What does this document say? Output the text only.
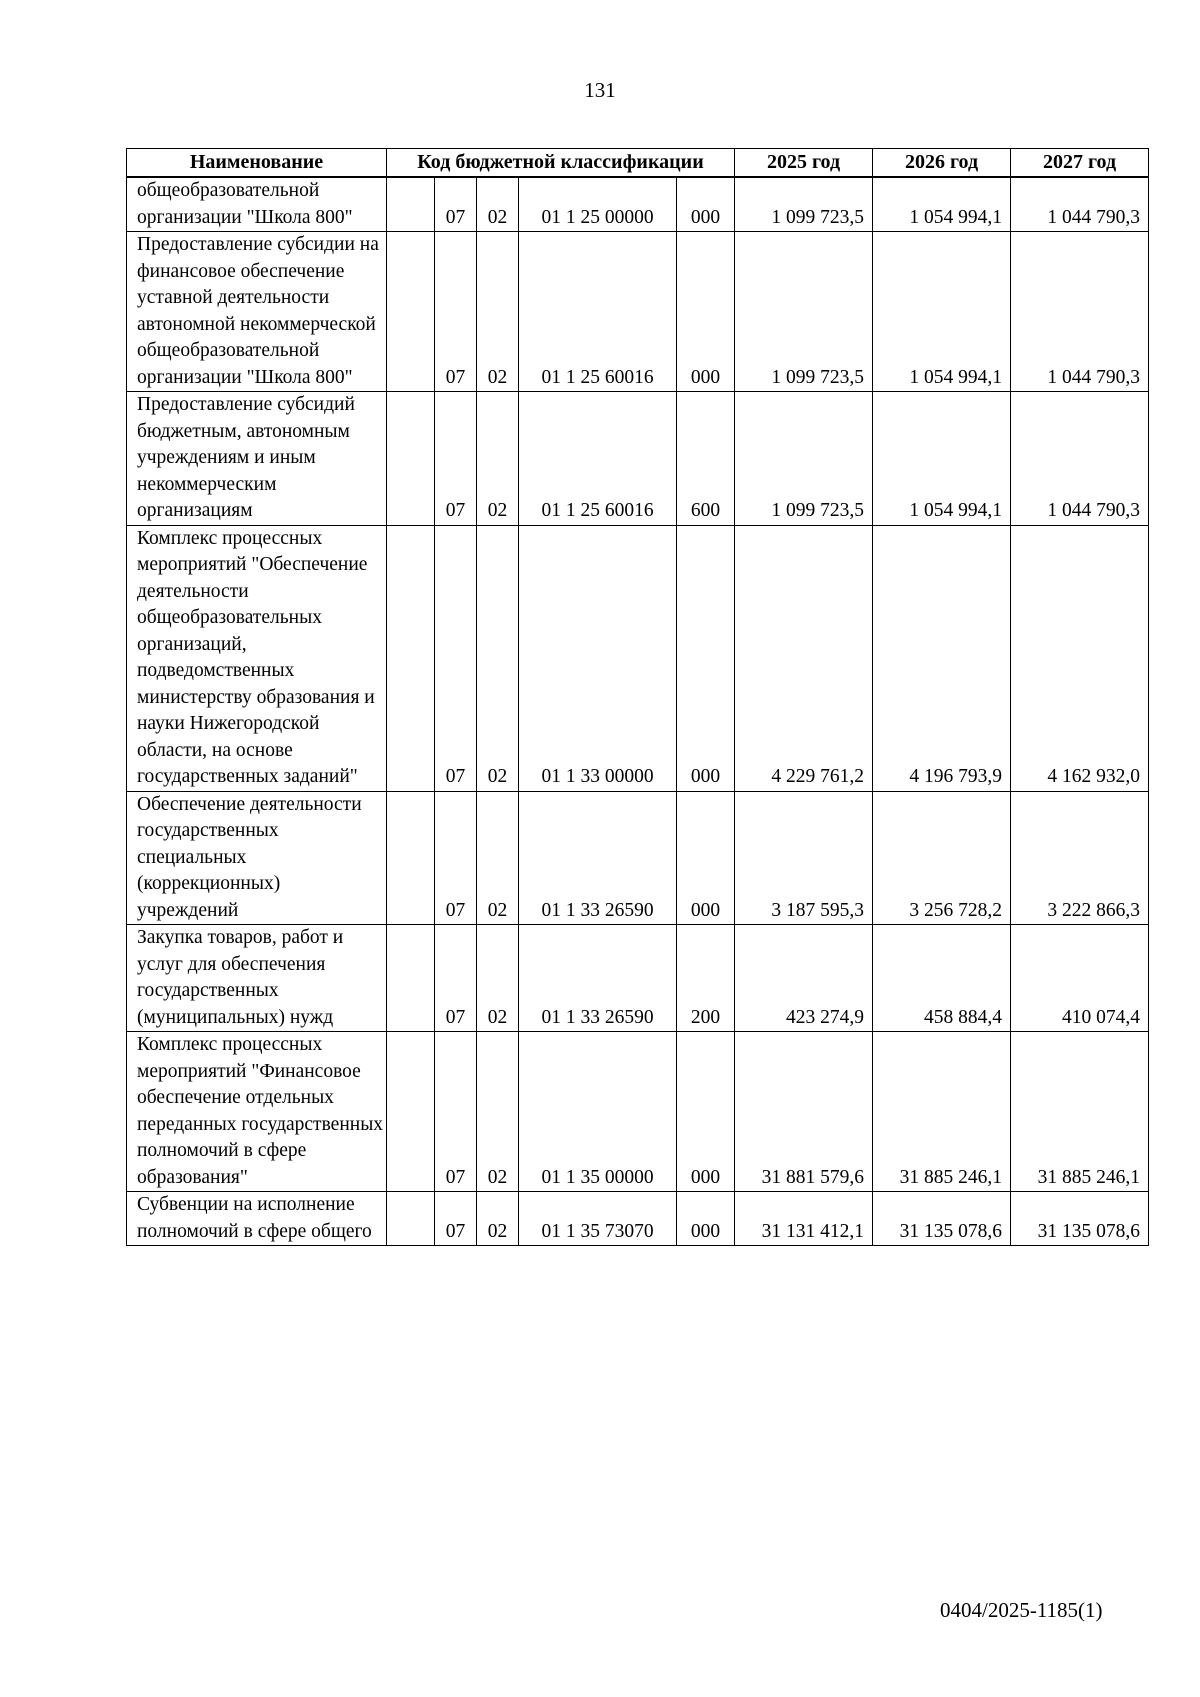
131
Наименование	Код бюджетной классификации					2025 год	2026 год	2027 год
общеобразовательной организации "Школа 800"		07	02	01 1 25 00000	000	1 099 723,5	1 054 994,1	1 044 790,3
Предоставление субсидии на финансовое обеспечение уставной деятельности автономной некоммерческой общеобразовательной организации "Школа 800"		07	02	01 1 25 60016	000	1 099 723,5	1 054 994,1	1 044 790,3
Предоставление субсидий бюджетным, автономным учреждениям и иным некоммерческим организациям		07	02	01 1 25 60016	600	1 099 723,5	1 054 994,1	1 044 790,3
Комплекс процессных мероприятий "Обеспечение деятельности общеобразовательных организаций, подведомственных министерству образования и науки Нижегородской области, на основе государственных заданий"		07	02	01 1 33 00000	000	4 229 761,2	4 196 793,9	4 162 932,0
Обеспечение деятельности государственных специальных (коррекционных) учреждений		07	02	01 1 33 26590	000	3 187 595,3	3 256 728,2	3 222 866,3
Закупка товаров, работ и услуг для обеспечения государственных (муниципальных) нужд		07	02	01 1 33 26590	200	423 274,9	458 884,4	410 074,4
Комплекс процессных мероприятий "Финансовое обеспечение отдельных переданных государственных полномочий в сфере образования"		07	02	01 1 35 00000	000	31 881 579,6	31 885 246,1	31 885 246,1
Субвенции на исполнение полномочий в сфере общего		07	02	01 1 35 73070	000	31 131 412,1	31 135 078,6	31 135 078,6
0404/2025-1185(1)
